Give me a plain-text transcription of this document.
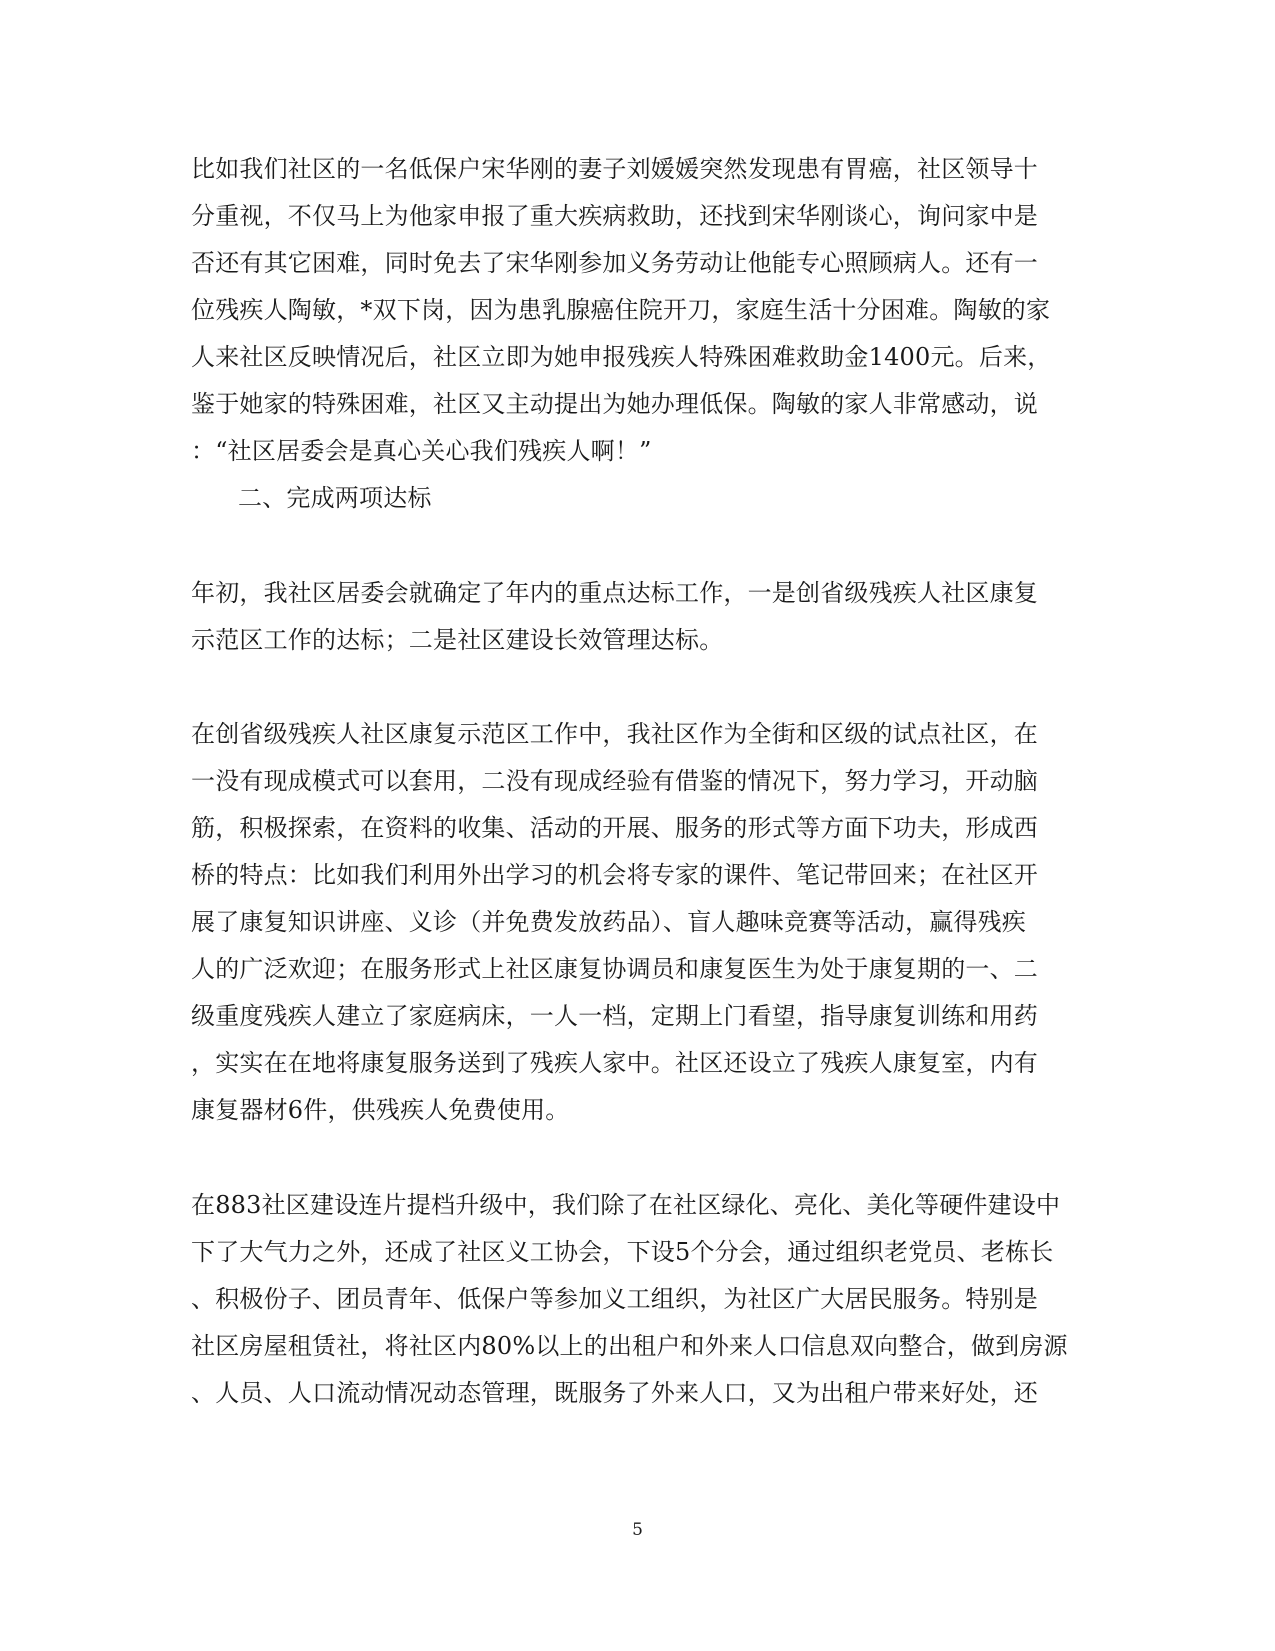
比如我们社区的一名低保户宋华刚的妻子刘媛媛突然发现患有胃癌，社区领导十
分重视，不仅马上为他家申报了重大疾病救助，还找到宋华刚谈心，询问家中是
否还有其它困难，同时免去了宋华刚参加义务劳动让他能专心照顾病人。还有一
位残疾人陶敏，*双下岗，因为患乳腺癌住院开刀，家庭生活十分困难。陶敏的家
人来社区反映情况后，社区立即为她申报残疾人特殊困难救助金1400元。后来，
鉴于她家的特殊困难，社区又主动提出为她办理低保。陶敏的家人非常感动，说
：“社区居委会是真心关心我们残疾人啊！”
二、完成两项达标
年初，我社区居委会就确定了年内的重点达标工作，一是创省级残疾人社区康复
示范区工作的达标；二是社区建设长效管理达标。
在创省级残疾人社区康复示范区工作中，我社区作为全街和区级的试点社区，在
一没有现成模式可以套用，二没有现成经验有借鉴的情况下，努力学习，开动脑
筋，积极探索，在资料的收集、活动的开展、服务的形式等方面下功夫，形成西
桥的特点：比如我们利用外出学习的机会将专家的课件、笔记带回来；在社区开
展了康复知识讲座、义诊（并免费发放药品）、盲人趣味竞赛等活动，赢得残疾
人的广泛欢迎；在服务形式上社区康复协调员和康复医生为处于康复期的一、二
级重度残疾人建立了家庭病床，一人一档，定期上门看望，指导康复训练和用药
，实实在在地将康复服务送到了残疾人家中。社区还设立了残疾人康复室，内有
康复器材6件，供残疾人免费使用。
在883社区建设连片提档升级中，我们除了在社区绿化、亮化、美化等硬件建设中
下了大气力之外，还成了社区义工协会，下设5个分会，通过组织老党员、老栋长
、积极份子、团员青年、低保户等参加义工组织，为社区广大居民服务。特别是
社区房屋租赁社，将社区内80%以上的出租户和外来人口信息双向整合，做到房源
、人员、人口流动情况动态管理，既服务了外来人口，又为出租户带来好处，还
5
